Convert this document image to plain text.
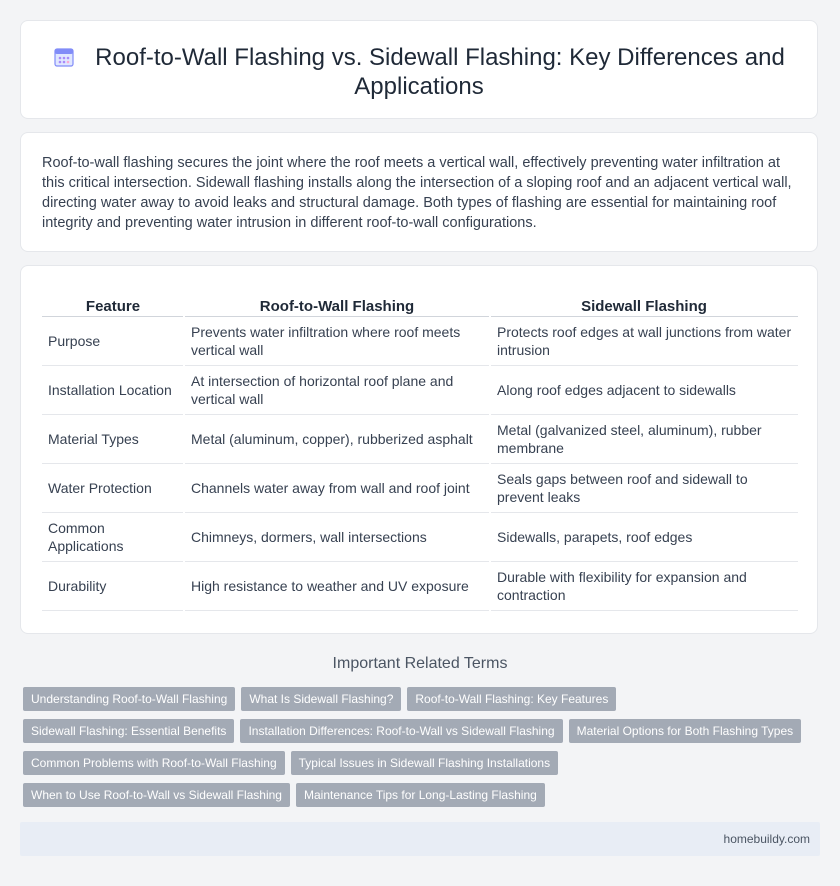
Roof-to-Wall Flashing vs. Sidewall Flashing: Key Differences and Applications

Roof-to-wall flashing secures the joint where the roof meets a vertical wall, effectively preventing water infiltration at this critical intersection. Sidewall flashing installs along the intersection of a sloping roof and an adjacent vertical wall, directing water away to avoid leaks and structural damage. Both types of flashing are essential for maintaining roof integrity and preventing water intrusion in different roof-to-wall configurations.

Feature	Roof-to-Wall Flashing	Sidewall Flashing
Purpose	Prevents water infiltration where roof meets vertical wall	Protects roof edges at wall junctions from water intrusion
Installation Location	At intersection of horizontal roof plane and vertical wall	Along roof edges adjacent to sidewalls
Material Types	Metal (aluminum, copper), rubberized asphalt	Metal (galvanized steel, aluminum), rubber membrane
Water Protection	Channels water away from wall and roof joint	Seals gaps between roof and sidewall to prevent leaks
Common Applications	Chimneys, dormers, wall intersections	Sidewalls, parapets, roof edges
Durability	High resistance to weather and UV exposure	Durable with flexibility for expansion and contraction
Important Related Terms
Understanding Roof-to-Wall Flashing What Is Sidewall Flashing? Roof-to-Wall Flashing: Key Features
Sidewall Flashing: Essential Benefits Installation Differences: Roof-to-Wall vs Sidewall Flashing Material Options for Both Flashing Types
Common Problems with Roof-to-Wall Flashing Typical Issues in Sidewall Flashing Installations
When to Use Roof-to-Wall vs Sidewall Flashing Maintenance Tips for Long-Lasting Flashing
homebuildy.com
